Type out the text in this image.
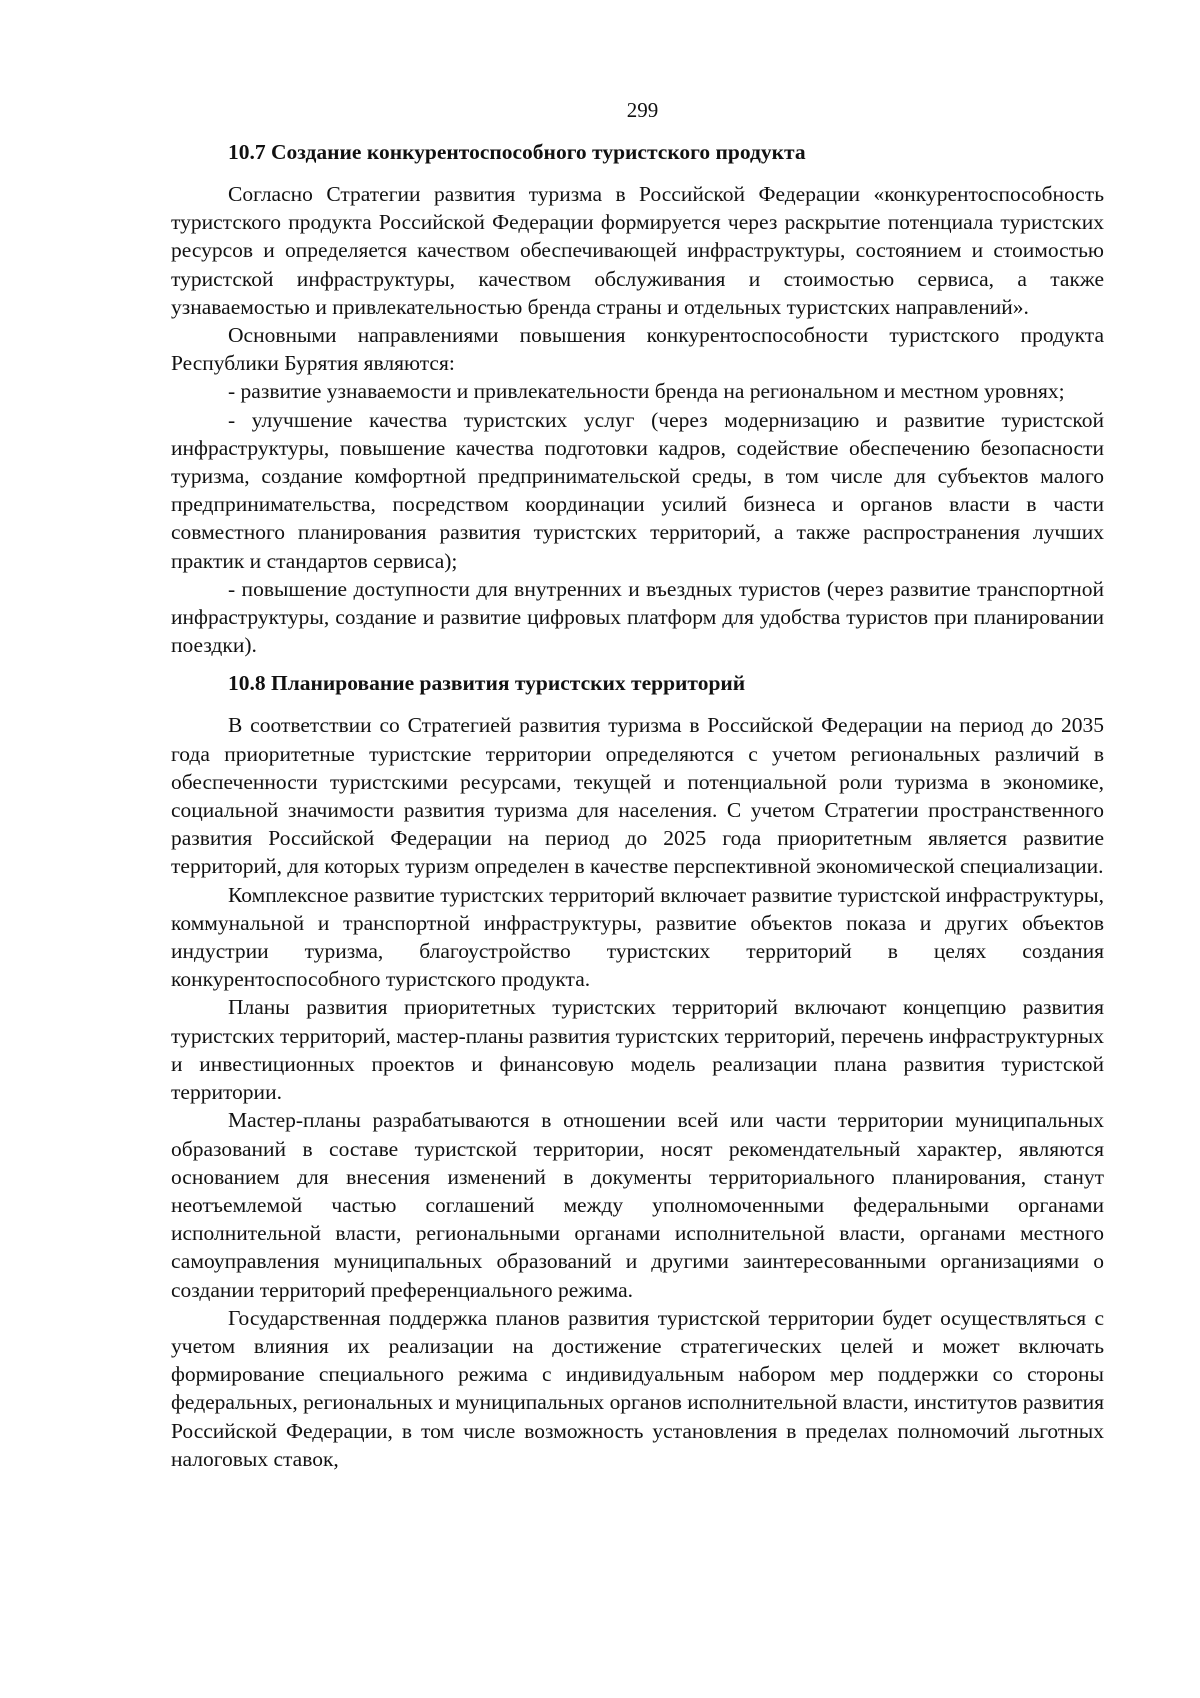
299
10.7 Создание конкурентоспособного туристского продукта

Согласно Стратегии развития туризма в Российской Федерации «конкурентоспособность туристского продукта Российской Федерации формируется через раскрытие потенциала туристских ресурсов и определяется качеством обеспечивающей инфраструктуры, состоянием и стоимостью туристской инфраструктуры, качеством обслуживания и стоимостью сервиса, а также узнаваемостью и привлекательностью бренда страны и отдельных туристских направлений».

Основными направлениями повышения конкурентоспособности туристского продукта Республики Бурятия являются:

- развитие узнаваемости и привлекательности бренда на региональном и местном уровнях;

- улучшение качества туристских услуг (через модернизацию и развитие туристской инфраструктуры, повышение качества подготовки кадров, содействие обеспечению безопасности туризма, создание комфортной предпринимательской среды, в том числе для субъектов малого предпринимательства, посредством координации усилий бизнеса и органов власти в части совместного планирования развития туристских территорий, а также распространения лучших практик и стандартов сервиса);

- повышение доступности для внутренних и въездных туристов (через развитие транспортной инфраструктуры, создание и развитие цифровых платформ для удобства туристов при планировании поездки).

10.8 Планирование развития туристских территорий

В соответствии со Стратегией развития туризма в Российской Федерации на период до 2035 года приоритетные туристские территории определяются с учетом региональных различий в обеспеченности туристскими ресурсами, текущей и потенциальной роли туризма в экономике, социальной значимости развития туризма для населения. С учетом Стратегии пространственного развития Российской Федерации на период до 2025 года приоритетным является развитие территорий, для которых туризм определен в качестве перспективной экономической специализации.

Комплексное развитие туристских территорий включает развитие туристской инфраструктуры, коммунальной и транспортной инфраструктуры, развитие объектов показа и других объектов индустрии туризма, благоустройство туристских территорий в целях создания конкурентоспособного туристского продукта.

Планы развития приоритетных туристских территорий включают концепцию развития туристских территорий, мастер-планы развития туристских территорий, перечень инфраструктурных и инвестиционных проектов и финансовую модель реализации плана развития туристской территории.

Мастер-планы разрабатываются в отношении всей или части территории муниципальных образований в составе туристской территории, носят рекомендательный характер, являются основанием для внесения изменений в документы территориального планирования, станут неотъемлемой частью соглашений между уполномоченными федеральными органами исполнительной власти, региональными органами исполнительной власти, органами местного самоуправления муниципальных образований и другими заинтересованными организациями о создании территорий преференциального режима.

Государственная поддержка планов развития туристской территории будет осуществляться с учетом влияния их реализации на достижение стратегических целей и может включать формирование специального режима с индивидуальным набором мер поддержки со стороны федеральных, региональных и муниципальных органов исполнительной власти, институтов развития Российской Федерации, в том числе возможность установления в пределах полномочий льготных налоговых ставок,
